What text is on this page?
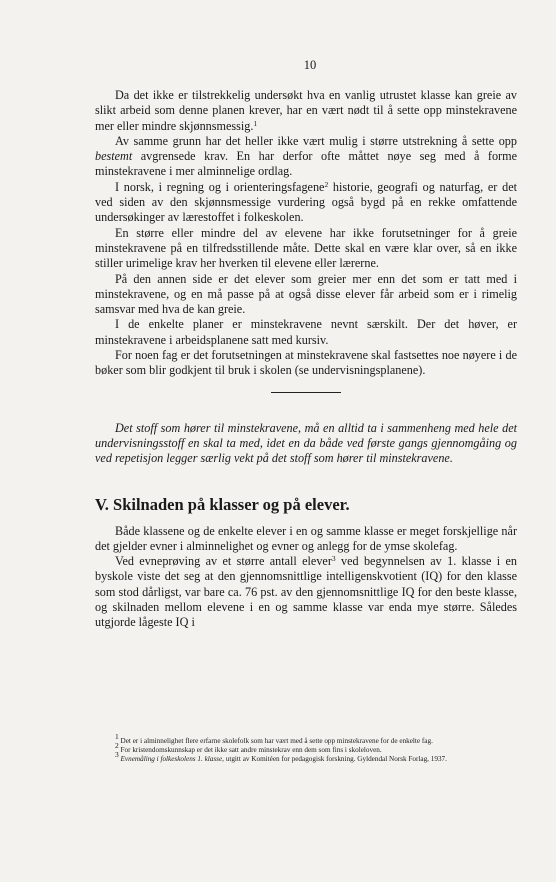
10

Da det ikke er tilstrekkelig undersøkt hva en vanlig utrustet klasse kan greie av slikt arbeid som denne planen krever, har en vært nødt til å sette opp minstekravene mer eller mindre skjønnsmessig.$^1$

Av samme grunn har det heller ikke vært mulig i større utstrekning å sette opp bestemt avgrensede krav. En har derfor ofte måttet nøye seg med å forme minstekravene i mer alminnelige ordlag.

I norsk, i regning og i orienteringsfagene$^2$ historie, geografi og naturfag, er det ved siden av den skjønnsmessige vurdering også bygd på en rekke omfattende undersøkinger av lærestoffet i folkeskolen.

En større eller mindre del av elevene har ikke forutsetninger for å greie minstekravene på en tilfredsstillende måte. Dette skal en være klar over, så en ikke stiller urimelige krav her hverken til elevene eller lærerne.

På den annen side er det elever som greier mer enn det som er tatt med i minstekravene, og en må passe på at også disse elever får arbeid som er i rimelig samsvar med hva de kan greie.

I de enkelte planer er minstekravene nevnt særskilt. Der det høver, er minstekravene i arbeidsplanene satt med kursiv.

For noen fag er det forutsetningen at minstekravene skal fastsettes noe nøyere i de bøker som blir godkjent til bruk i skolen (se undervisningsplanene).

Det stoff som hører til minstekravene, må en alltid ta i sammenheng med hele det undervisningsstoff en skal ta med, idet en da både ved første gangs gjennomgåing og ved repetisjon legger særlig vekt på det stoff som hører til minstekravene.

V. Skilnaden på klasser og på elever.

Både klassene og de enkelte elever i en og samme klasse er meget forskjellige når det gjelder evner i alminnelighet og evner og anlegg for de ymse skolefag.

Ved evneprøving av et større antall elever$^3$ ved begynnelsen av 1. klasse i en byskole viste det seg at den gjennomsnittlige intelligenskvotient (IQ) for den klasse som stod dårligst, var bare ca. 76 pst. av den gjennomsnittlige IQ for den beste klasse, og skilnaden mellom elevene i en og samme klasse var enda mye større. Således utgjorde lågeste IQ i

$^1$ Det er i alminnelighet flere erfarne skolefolk som har vært med å sette opp minstekravene for de enkelte fag.

$^2$ For kristendomskunnskap er det ikke satt andre minstekrav enn dem som fins i skoleloven.

$^3$ Evnemåling i folkeskolens 1. klasse, utgitt av Komitéen for pedagogisk forskning. Gyldendal Norsk Forlag, 1937.
